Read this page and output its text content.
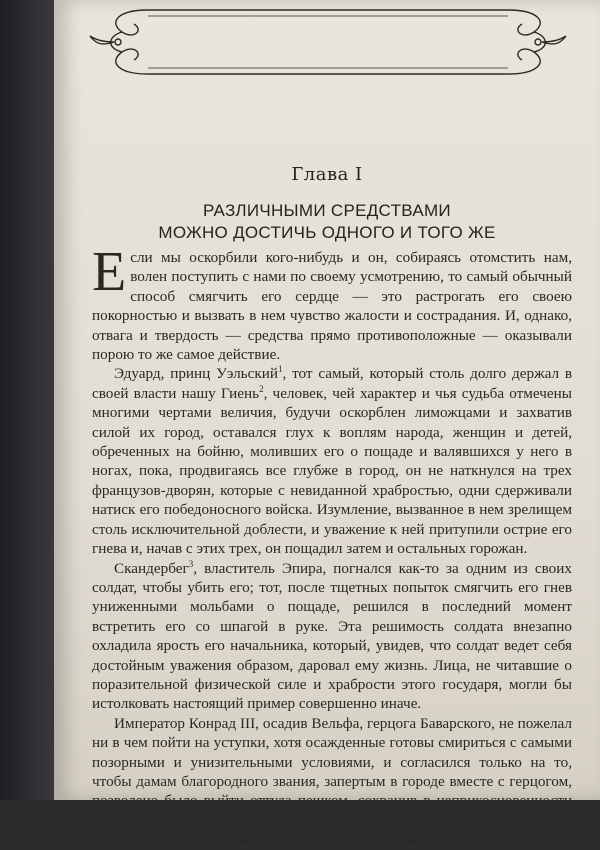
Глава I
РАЗЛИЧНЫМИ СРЕДСТВАМИ
МОЖНО ДОСТИЧЬ ОДНОГО И ТОГО ЖЕ

Если мы оскорбили кого-нибудь и он, собираясь отомстить нам, волен поступить с нами по своему усмотрению, то самый обычный способ смягчить его сердце — это растрогать его своею покорностью и вызвать в нем чувство жалости и сострадания. И, однако, отвага и твердость — средства прямо противоположные — оказывали порою то же самое действие.

Эдуард, принц Уэльский$^1$, тот самый, который столь долго держал в своей власти нашу Гиень$^2$, человек, чей характер и чья судьба отмечены многими чертами величия, будучи оскорблен лиможцами и захватив силой их город, оставался глух к воплям народа, женщин и детей, обреченных на бойню, моливших его о пощаде и валявшихся у него в ногах, пока, продвигаясь все глубже в город, он не наткнулся на трех французов-дворян, которые с невиданной храбростью, одни сдерживали натиск его победоносного войска. Изумление, вызванное в нем зрелищем столь исключительной доблести, и уважение к ней притупили острие его гнева и, начав с этих трех, он пощадил затем и остальных горожан.

Скандербег$^3$, властитель Эпира, погнался как-то за одним из своих солдат, чтобы убить его; тот, после тщетных попыток смягчить его гнев униженными мольбами о пощаде, решился в последний момент встретить его со шпагой в руке. Эта решимость солдата внезапно охладила ярость его начальника, который, увидев, что солдат ведет себя достойным уважения образом, даровал ему жизнь. Лица, не читавшие о поразительной физической силе и храбрости этого государя, могли бы истолковать настоящий пример совершенно иначе.

Император Конрад III, осадив Вельфа, герцога Баварского, не пожелал ни в чем пойти на уступки, хотя осажденные готовы смириться с самыми позорными и унизительными условиями, и согласился только на то, чтобы дамам благородного звания, запертым в городе вместе с герцогом, позволено было выйти оттуда пешком, сохранив в неприкосновенности свою честь и унося на себе все, что они смогут взять. Они же, руководясь великодушным порывом, решили водрузить на свои плечи
